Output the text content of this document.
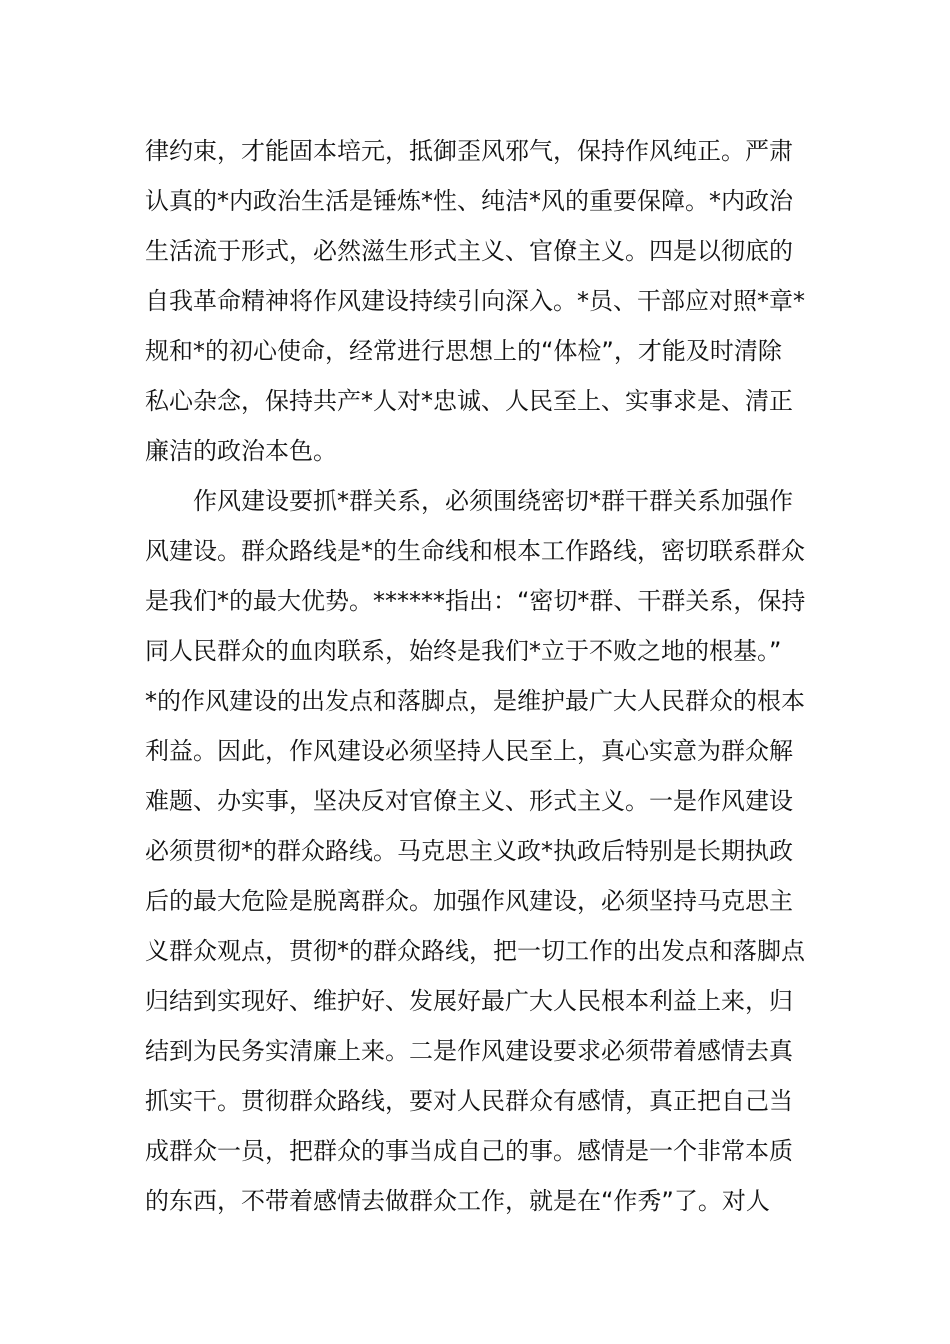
律约束，才能固本培元，抵御歪风邪气，保持作风纯正。严肃
认真的*内政治生活是锤炼*性、纯洁*风的重要保障。*内政治
生活流于形式，必然滋生形式主义、官僚主义。四是以彻底的
自我革命精神将作风建设持续引向深入。*员、干部应对照*章*
规和*的初心使命，经常进行思想上的“体检”，才能及时清除
私心杂念，保持共产*人对*忠诚、人民至上、实事求是、清正
廉洁的政治本色。
作风建设要抓*群关系，必须围绕密切*群干群关系加强作
风建设。群众路线是*的生命线和根本工作路线，密切联系群众
是我们*的最大优势。******指出：“密切*群、干群关系，保持
同人民群众的血肉联系，始终是我们*立于不败之地的根基。”
*的作风建设的出发点和落脚点，是维护最广大人民群众的根本
利益。因此，作风建设必须坚持人民至上，真心实意为群众解
难题、办实事，坚决反对官僚主义、形式主义。一是作风建设
必须贯彻*的群众路线。马克思主义政*执政后特别是长期执政
后的最大危险是脱离群众。加强作风建设，必须坚持马克思主
义群众观点，贯彻*的群众路线，把一切工作的出发点和落脚点
归结到实现好、维护好、发展好最广大人民根本利益上来，归
结到为民务实清廉上来。二是作风建设要求必须带着感情去真
抓实干。贯彻群众路线，要对人民群众有感情，真正把自己当
成群众一员，把群众的事当成自己的事。感情是一个非常本质
的东西，不带着感情去做群众工作，就是在“作秀”了。对人
